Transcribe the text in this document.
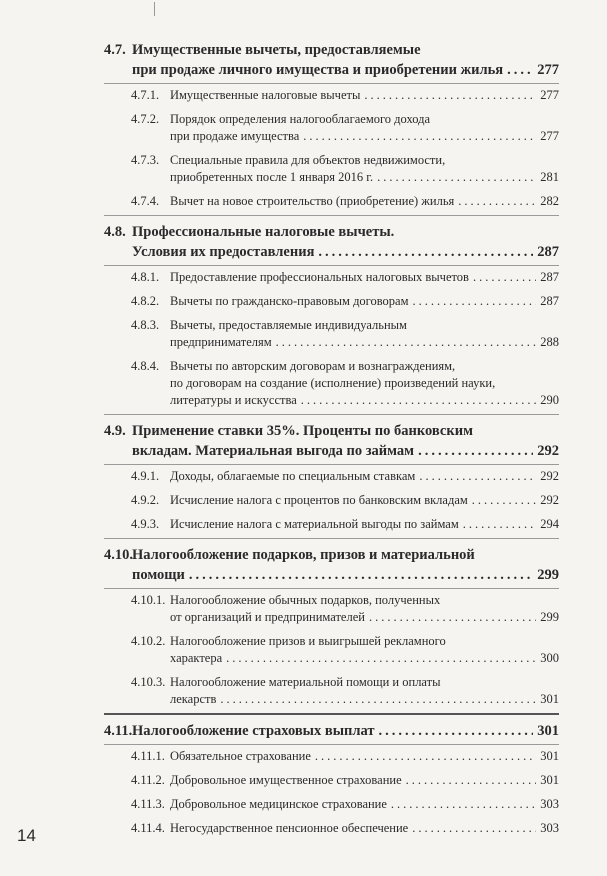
4.7. Имущественные вычеты, предоставляемые
при продаже личного имущества и приобретении жилья ..... 277
4.7.1. Имущественные налоговые вычеты .....	277
4.7.2. Порядок определения налогооблагаемого дохода
при продаже имущества .....	277
4.7.3. Специальные правила для объектов недвижимости,
приобретенных после 1 января 2016 г. .....	281
4.7.4. Вычет на новое строительство (приобретение) жилья .....	282
4.8. Профессиональные налоговые вычеты.
Условия их предоставления .....	287
4.8.1. Предоставление профессиональных налоговых вычетов .....	287
4.8.2. Вычеты по гражданско-правовым договорам .....	287
4.8.3. Вычеты, предоставляемые индивидуальным
предпринимателям .....	288
4.8.4. Вычеты по авторским договорам и вознаграждениям,
по договорам на создание (исполнение) произведений науки,
литературы и искусства .....	290
4.9. Применение ставки 35%. Проценты по банковским
вкладам. Материальная выгода по займам .....	292
4.9.1. Доходы, облагаемые по специальным ставкам .....	292
4.9.2. Исчисление налога с процентов по банковским вкладам .....	292
4.9.3. Исчисление налога с материальной выгоды по займам .....	294
4.10. Налогообложение подарков, призов и материальной
помощи .....	299
4.10.1. Налогообложение обычных подарков, полученных
от организаций и предпринимателей .....	299
4.10.2. Налогообложение призов и выигрышей рекламного
характера .....	300
4.10.3. Налогообложение материальной помощи и оплаты
лекарств .....	301
4.11. Налогообложение страховых выплат .....	301
4.11.1. Обязательное страхование .....	301
4.11.2. Добровольное имущественное страхование .....	301
4.11.3. Добровольное медицинское страхование .....	303
4.11.4. Негосударственное пенсионное обеспечение .....	303
14
